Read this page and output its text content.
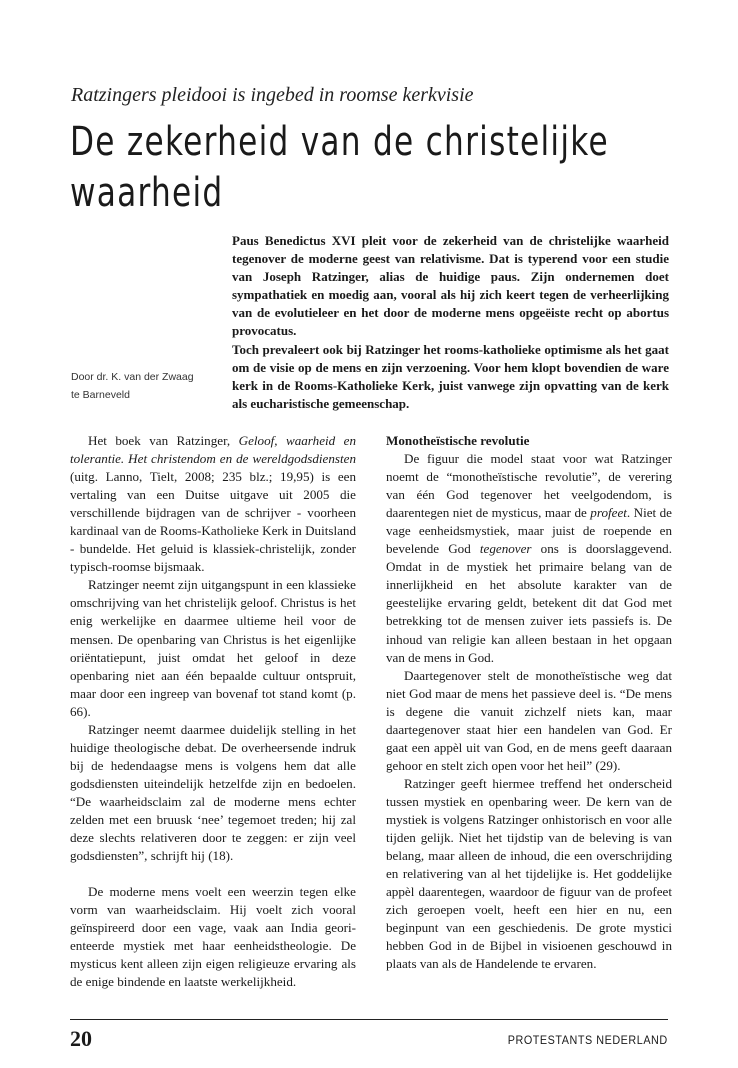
Ratzingers pleidooi is ingebed in roomse kerkvisie
De zekerheid van de christelijke waarheid

Paus Benedictus XVI pleit voor de zekerheid van de christelijke waarheid tegenover de moderne geest van relativisme. Dat is typerend voor een studie van Joseph Ratzinger, alias de huidige paus. Zijn ondernemen doet sympathatiek en moedig aan, vooral als hij zich keert tegen de verheerlijking van de evolutieleer en het door de moderne mens opgeëiste recht op abortus provocatus.

Toch prevaleert ook bij Ratzinger het rooms-katholieke optimisme als het gaat om de visie op de mens en zijn verzoening. Voor hem klopt bovendien de ware kerk in de Rooms-Katholieke Kerk, juist vanwege zijn opvatting van de kerk als eucharistische gemeenschap.

Door dr. K. van der Zwaag
te Barneveld

Het boek van Ratzinger, Geloof, waarheid en tolerantie. Het christendom en de wereldgodsdiensten (uitg. Lanno, Tielt, 2008; 235 blz.; 19,95) is een vertaling van een Duitse uitgave uit 2005 die verschillende bijdragen van de schrijver - voorheen kardinaal van de Rooms-Katholieke Kerk in Duitsland - bundelde. Het geluid is klassiek-christelijk, zonder typisch-roomse bijsmaak.

Ratzinger neemt zijn uitgangspunt in een klassieke omschrijving van het christelijk geloof. Christus is het enig werkelijke en daarmee ultieme heil voor de mensen. De openbaring van Christus is het eigenlijke oriëntatiepunt, juist omdat het geloof in deze openbaring niet aan één bepaalde cultuur ontspruit, maar door een ingreep van bovenaf tot stand komt (p. 66).

Ratzinger neemt daarmee duidelijk stelling in het huidige theologische debat. De overheersende indruk bij de hedendaagse mens is volgens hem dat alle godsdiensten uiteindelijk hetzelfde zijn en bedoelen. “De waarheidsclaim zal de moderne mens echter zelden met een bruusk ‘nee’ tegemoet treden; hij zal deze slechts relativeren door te zeggen: er zijn veel godsdiensten”, schrijft hij (18).

De moderne mens voelt een weerzin tegen elke vorm van waarheidsclaim. Hij voelt zich vooral geïnspireerd door een vage, vaak aan India georienteerde mystiek met haar eenheidstheologie. De mysticus kent alleen zijn eigen religieuze ervaring als de enige bindende en laatste werkelijkheid.

Monotheïstische revolutie

De figuur die model staat voor wat Ratzinger noemt de “monotheïstische revolutie”, de verering van één God tegenover het veelgodendom, is daarentegen niet de mysticus, maar de profeet. Niet de vage eenheidsmystiek, maar juist de roepende en bevelende God tegenover ons is doorslaggevend. Omdat in de mystiek het primaire belang van de innerlijkheid en het absolute karakter van de geestelijke ervaring geldt, betekent dit dat God met betrekking tot de mensen zuiver iets passiefs is. De inhoud van religie kan alleen bestaan in het opgaan van de mens in God.

Daartegenover stelt de monotheïstische weg dat niet God maar de mens het passieve deel is. “De mens is degene die vanuit zichzelf niets kan, maar daartegenover staat hier een handelen van God. Er gaat een appèl uit van God, en de mens geeft daaraan gehoor en stelt zich open voor het heil” (29).

Ratzinger geeft hiermee treffend het onderscheid tussen mystiek en openbaring weer. De kern van de mystiek is volgens Ratzinger onhistorisch en voor alle tijden gelijk. Niet het tijdstip van de beleving is van belang, maar alleen de inhoud, die een overschrijding en relativering van al het tijdelijke is. Het goddelijke appèl daarentegen, waardoor de figuur van de profeet zich geroepen voelt, heeft een hier en nu, een beginpunt van een geschiedenis. De grote mystici hebben God in de Bijbel in visioenen geschouwd in plaats van als de Handelende te ervaren.

20	PROTESTANTS NEDERLAND
